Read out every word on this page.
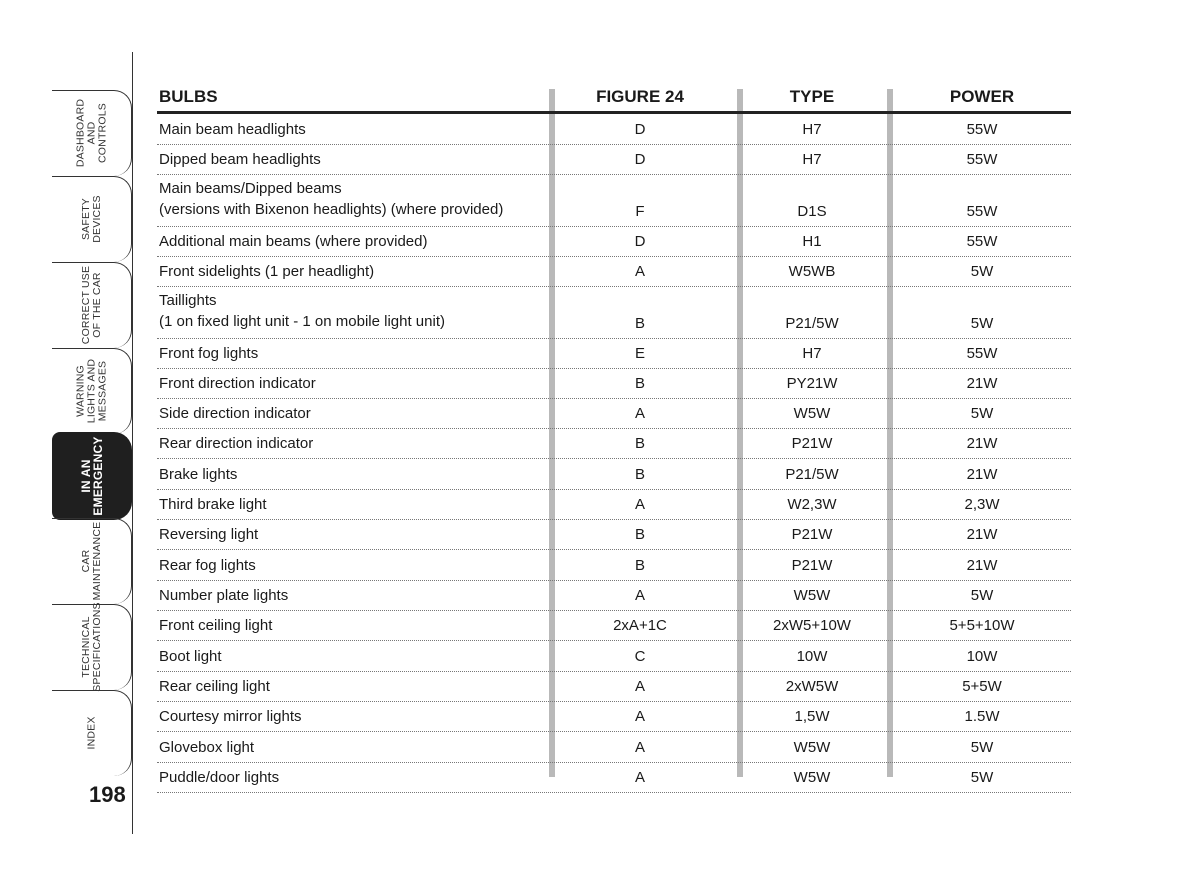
DASHBOARD
AND
CONTROLS
SAFETY
DEVICES
CORRECT USE
OF THE CAR
WARNING
LIGHTS AND
MESSAGES
IN AN
EMERGENCY
CAR
MAINTENANCE
TECHNICAL
SPECIFICATIONS
INDEX
198
BULBS	FIGURE 24	TYPE	POWER
Main beam headlights	D	H7	55W
Dipped beam headlights	D	H7	55W
Main beams/Dipped beams
(versions with Bixenon headlights) (where provided)	F	D1S	55W
Additional main beams (where provided)	D	H1	55W
Front sidelights (1 per headlight)	A	W5WB	5W
Taillights
(1 on fixed light unit - 1 on mobile light unit)	B	P21/5W	5W
Front fog lights	E	H7	55W
Front direction indicator	B	PY21W	21W
Side direction indicator	A	W5W	5W
Rear direction indicator	B	P21W	21W
Brake lights	B	P21/5W	21W
Third brake light	A	W2,3W	2,3W
Reversing light	B	P21W	21W
Rear fog lights	B	P21W	21W
Number plate lights	A	W5W	5W
Front ceiling light	2xA+1C	2xW5+10W	5+5+10W
Boot light	C	10W	10W
Rear ceiling light	A	2xW5W	5+5W
Courtesy mirror lights	A	1,5W	1.5W
Glovebox light	A	W5W	5W
Puddle/door lights	A	W5W	5W
